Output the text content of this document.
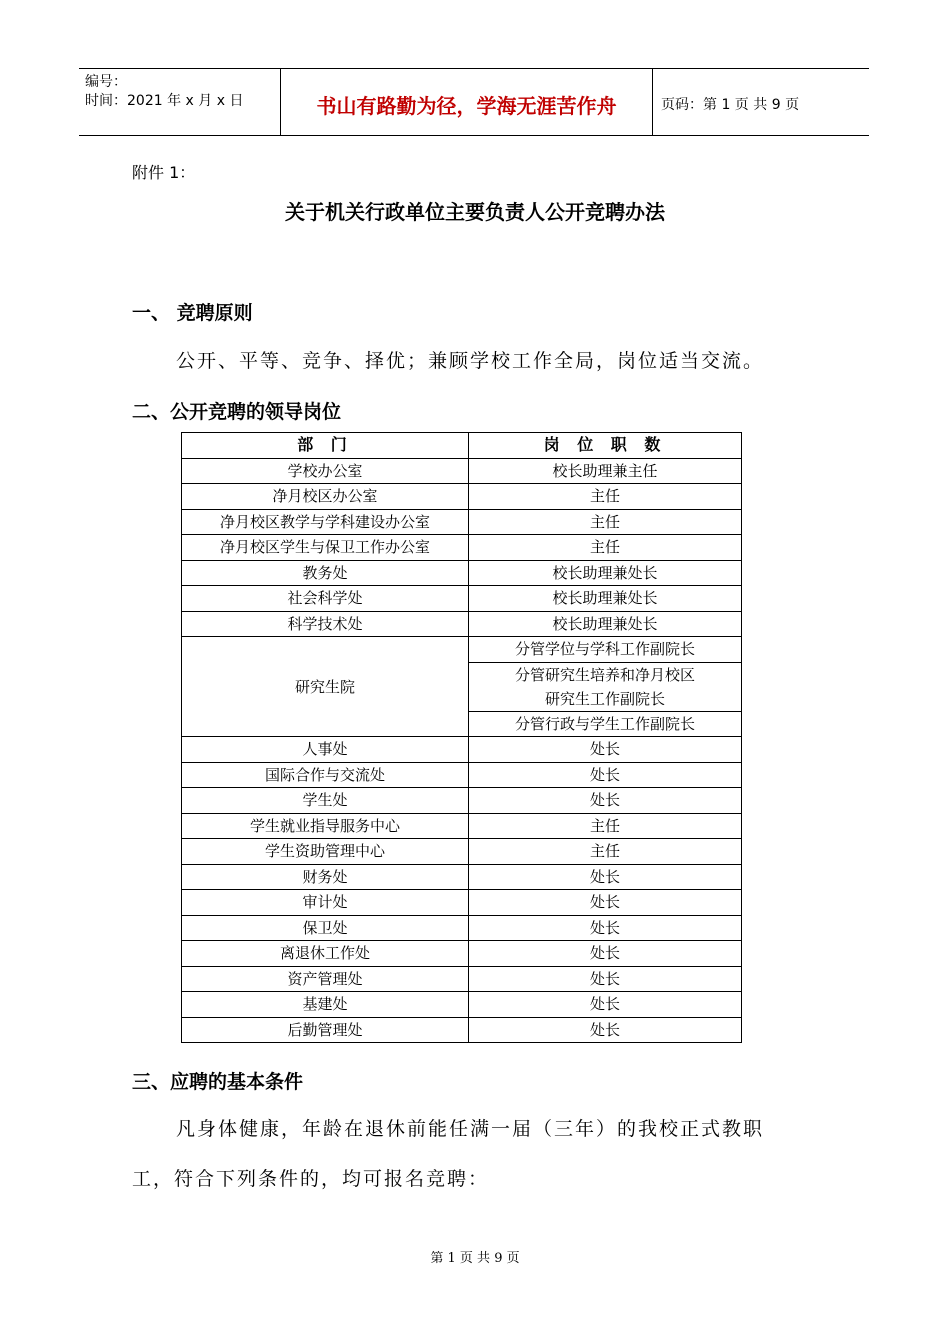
编号：
时间：2021 年 x 月 x 日	书山有路勤为径，学海无涯苦作舟	页码：第 1 页 共 9 页
附件 1：
关于机关行政单位主要负责人公开竞聘办法
一、 竞聘原则
公开、平等、竞争、择优；兼顾学校工作全局，岗位适当交流。
二、公开竞聘的领导岗位
部 门	岗 位 职 数
学校办公室	校长助理兼主任
净月校区办公室	主任
净月校区教学与学科建设办公室	主任
净月校区学生与保卫工作办公室	主任
教务处	校长助理兼处长
社会科学处	校长助理兼处长
科学技术处	校长助理兼处长
研究生院	分管学位与学科工作副院长

	分管研究生培养和净月校区
研究生工作副院长

	分管行政与学生工作副院长
人事处	处长
国际合作与交流处	处长
学生处	处长
学生就业指导服务中心	主任
学生资助管理中心	主任
财务处	处长
审计处	处长
保卫处	处长
离退休工作处	处长
资产管理处	处长
基建处	处长
后勤管理处	处长
三、应聘的基本条件
凡身体健康，年龄在退休前能任满一届（三年）的我校正式教职
工，符合下列条件的，均可报名竞聘：
第 1 页 共 9 页
